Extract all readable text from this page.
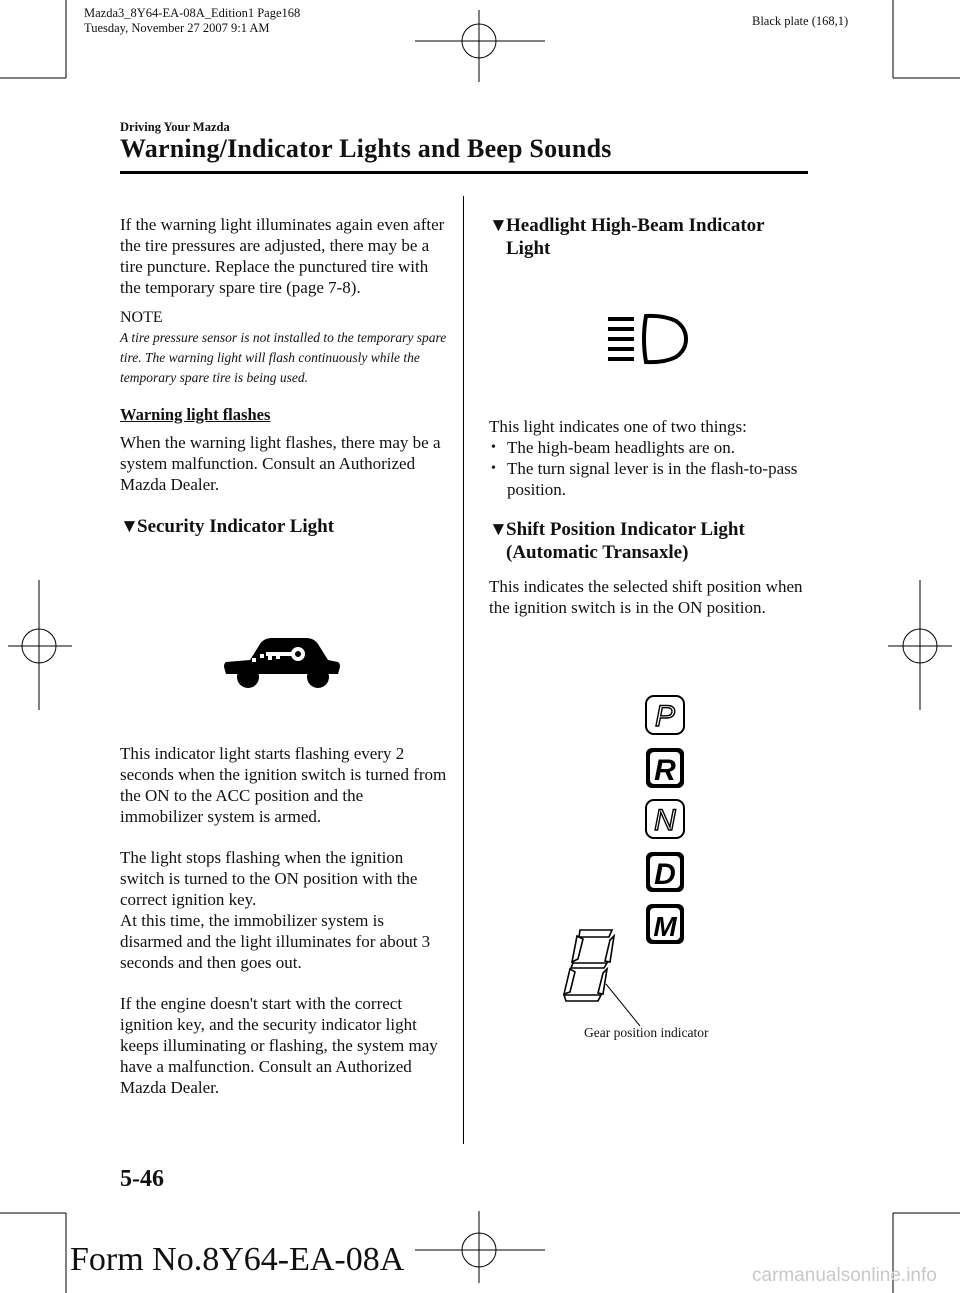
Mazda3_8Y64-EA-08A_Edition1 Page168
Tuesday, November 27 2007 9:1 AM	Black plate (168,1)
Driving Your Mazda
Warning/Indicator Lights and Beep Sounds

If the warning light illuminates again even after the tire pressures are adjusted, there may be a tire puncture. Replace the punctured tire with the temporary spare tire (page 7-8).

NOTE
A tire pressure sensor is not installed to the temporary spare tire. The warning light will flash continuously while the temporary spare tire is being used.
Warning light flashes

When the warning light flashes, there may be a system malfunction. Consult an Authorized Mazda Dealer.

▼Security Indicator Light

This indicator light starts flashing every 2 seconds when the ignition switch is turned from the ON to the ACC position and the immobilizer system is armed.

The light stops flashing when the ignition switch is turned to the ON position with the correct ignition key.

At this time, the immobilizer system is disarmed and the light illuminates for about 3 seconds and then goes out.

If the engine doesn't start with the correct ignition key, and the security indicator light keeps illuminating or flashing, the system may have a malfunction. Consult an Authorized Mazda Dealer.

▼Headlight High-Beam Indicator
Light

This light indicates one of two things:

• The high-beam headlights are on.
• The turn signal lever is in the flash-to-pass position.
▼Shift Position Indicator Light
(Automatic Transaxle)

This indicates the selected shift position when the ignition switch is in the ON position.

P
R
N
D
M
Gear position indicator
5-46
Form No.8Y64-EA-08A	carmanualsonline.info
